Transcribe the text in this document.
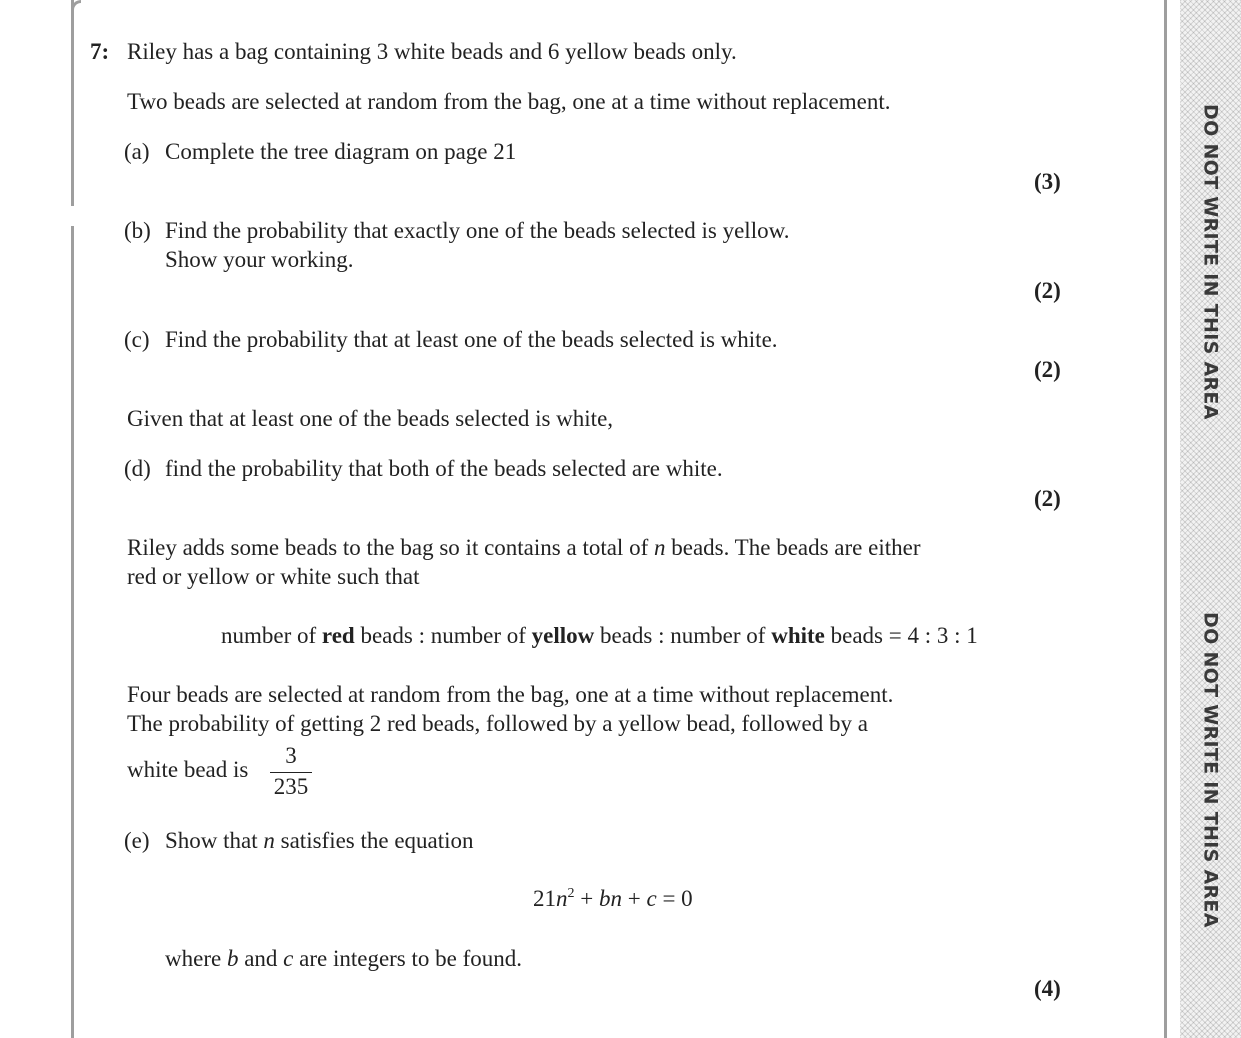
DO NOT WRITE IN THIS AREA
DO NOT WRITE IN THIS AREA
7: Riley has a bag containing 3 white beads and 6 yellow beads only.
Two beads are selected at random from the bag, one at a time without replacement.
(a) Complete the tree diagram on page 21
(3)
(b) Find the probability that exactly one of the beads selected is yellow.
Show your working.
(2)
(c) Find the probability that at least one of the beads selected is white.
(2)
Given that at least one of the beads selected is white,
(d) find the probability that both of the beads selected are white.
(2)
Riley adds some beads to the bag so it contains a total of n beads. The beads are either
red or yellow or white such that
number of red beads : number of yellow beads : number of white beads = 4 : 3 : 1
Four beads are selected at random from the bag, one at a time without replacement.
The probability of getting 2 red beads, followed by a yellow bead, followed by a
white bead is
3
235
(e) Show that n satisfies the equation
$21n^2$ + bn + c = 0
where b and c are integers to be found.
(4)
